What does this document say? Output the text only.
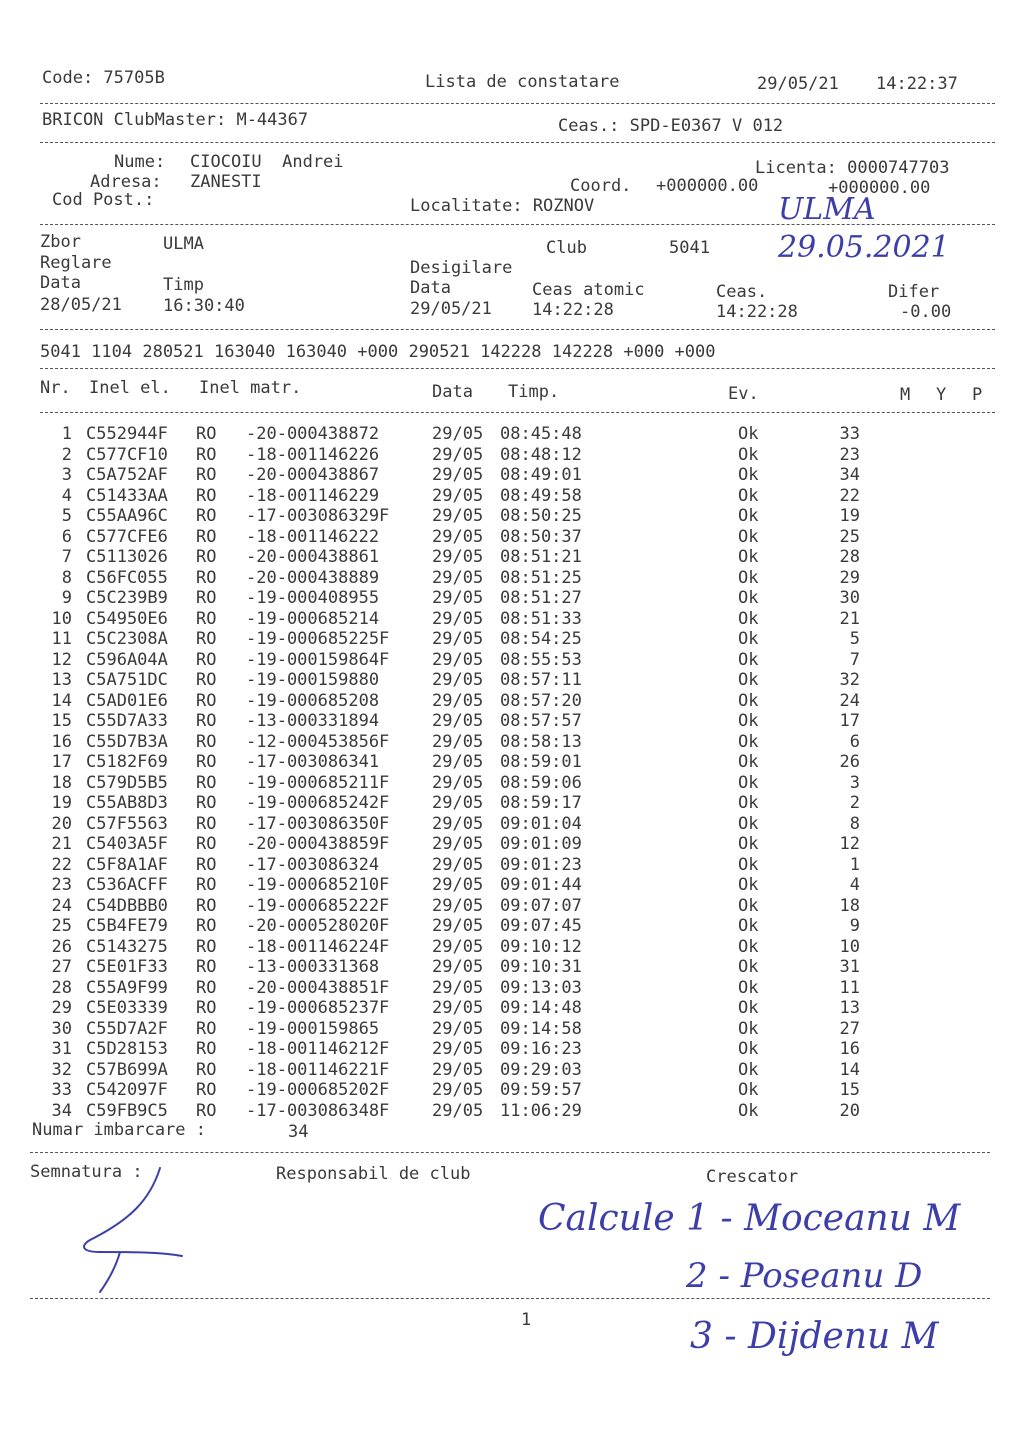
Code: 75705B	Lista de constatare	29/05/21 14:22:37
BRICON ClubMaster: M-44367	Ceas.: SPD-E0367 V 012
Nume: CIOCOIU  Andrei	Licenta: 0000747703
Adresa: ZANESTI	Coord. +000000.00	+000000.00
Cod Post.:	Localitate: ROZNOV
Zbor	ULMA	Club	5041
Reglare	Desigilare
Data	Timp	Data	Ceas atomic	Ceas.	Difer
28/05/21 16:30:40	29/05/21 14:22:28	14:22:28	-0.00
5041 1104 280521 163040 163040 +000 290521 142228 142228 +000 +000
Nr. Inel el. Inel matr.	Data Timp.	Ev.	M Y P
1 C552944F RO -20-000438872	29/05 08:45:48	Ok	33
2 C577CF10 RO -18-001146226	29/05 08:48:12	Ok	23
3 C5A752AF RO -20-000438867	29/05 08:49:01	Ok	34
4 C51433AA RO -18-001146229	29/05 08:49:58	Ok	22
5 C55AA96C RO -17-003086329F	29/05 08:50:25	Ok	19
6 C577CFE6 RO -18-001146222	29/05 08:50:37	Ok	25
7 C5113026 RO -20-000438861	29/05 08:51:21	Ok	28
8 C56FC055 RO -20-000438889	29/05 08:51:25	Ok	29
9 C5C239B9 RO -19-000408955	29/05 08:51:27	Ok	30
10 C54950E6 RO -19-000685214	29/05 08:51:33	Ok	21
11 C5C2308A RO -19-000685225F	29/05 08:54:25	Ok	5
12 C596A04A RO -19-000159864F	29/05 08:55:53	Ok	7
13 C5A751DC RO -19-000159880	29/05 08:57:11	Ok	32
14 C5AD01E6 RO -19-000685208	29/05 08:57:20	Ok	24
15 C55D7A33 RO -13-000331894	29/05 08:57:57	Ok	17
16 C55D7B3A RO -12-000453856F	29/05 08:58:13	Ok	6
17 C5182F69 RO -17-003086341	29/05 08:59:01	Ok	26
18 C579D5B5 RO -19-000685211F	29/05 08:59:06	Ok	3
19 C55AB8D3 RO -19-000685242F	29/05 08:59:17	Ok	2
20 C57F5563 RO -17-003086350F	29/05 09:01:04	Ok	8
21 C5403A5F RO -20-000438859F	29/05 09:01:09	Ok	12
22 C5F8A1AF RO -17-003086324	29/05 09:01:23	Ok	1
23 C536ACFF RO -19-000685210F	29/05 09:01:44	Ok	4
24 C54DBBB0 RO -19-000685222F	29/05 09:07:07	Ok	18
25 C5B4FE79 RO -20-000528020F	29/05 09:07:45	Ok	9
26 C5143275 RO -18-001146224F	29/05 09:10:12	Ok	10
27 C5E01F33 RO -13-000331368	29/05 09:10:31	Ok	31
28 C55A9F99 RO -20-000438851F	29/05 09:13:03	Ok	11
29 C5E03339 RO -19-000685237F	29/05 09:14:48	Ok	13
30 C55D7A2F RO -19-000159865	29/05 09:14:58	Ok	27
31 C5D28153 RO -18-001146212F	29/05 09:16:23	Ok	16
32 C57B699A RO -18-001146221F	29/05 09:29:03	Ok	14
33 C542097F RO -19-000685202F	29/05 09:59:57	Ok	15
34 C59FB9C5 RO -17-003086348F	29/05 11:06:29	Ok	20
Numar imbarcare :	34
Semnatura :	Responsabil de club	Crescator
1
ULMA
29.05.2021
Calcule 1 - Moceanu M
2 - Poseanu D
3 - Dijdenu M
